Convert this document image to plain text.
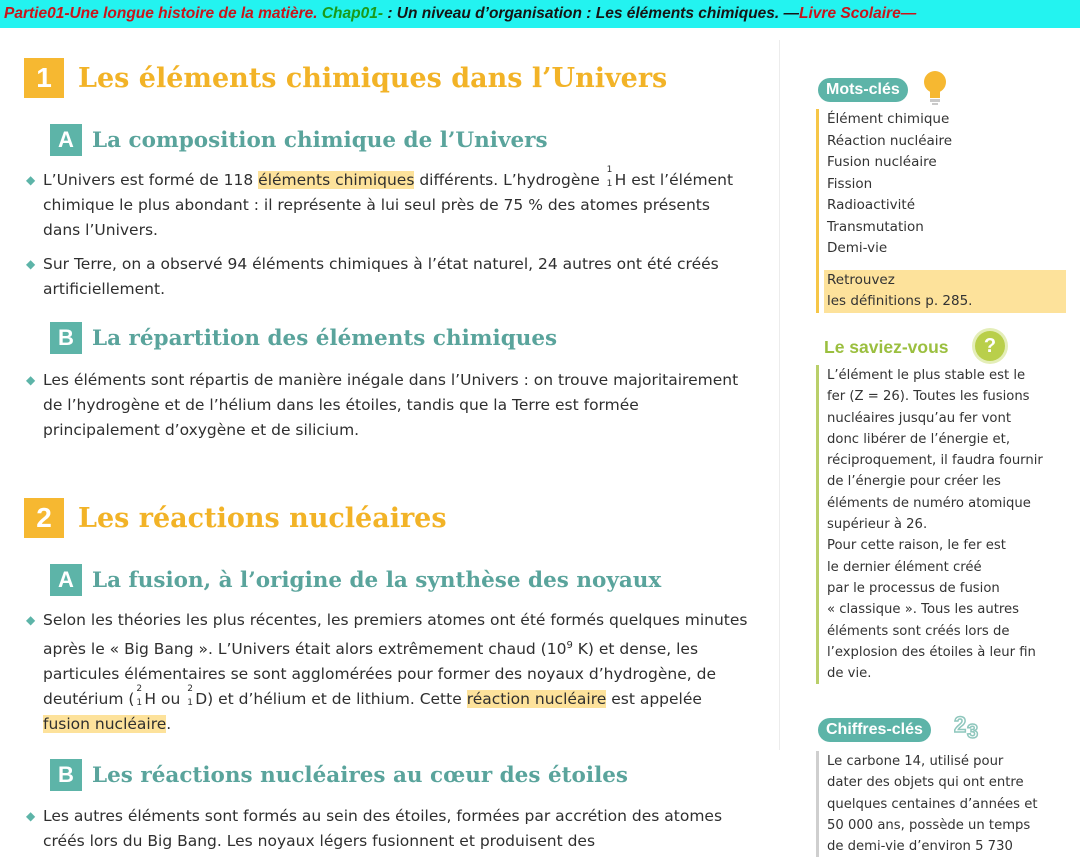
Partie01-Une longue histoire de la matière. Chap01- : Un niveau d’organisation : Les éléments chimiques. —Livre Scolaire—
1 Les éléments chimiques dans l’Univers
A La composition chimique de l’Univers
◆ L’Univers est formé de 118 éléments chimiques différents. L’hydrogène
1
1 H est l’élément chimique le plus abondant : il représente à lui seul près de 75 % des atomes présents dans l’Univers.
◆ Sur Terre, on a observé 94 éléments chimiques à l’état naturel, 24 autres ont été créés artificiellement.
B La répartition des éléments chimiques
◆ Les éléments sont répartis de manière inégale dans l’Univers : on trouve majoritairement de l’hydrogène et de l’hélium dans les étoiles, tandis que la Terre est formée principalement d’oxygène et de silicium.
2 Les réactions nucléaires
A La fusion, à l’origine de la synthèse des noyaux
◆ Selon les théories les plus récentes, les premiers atomes ont été formés quelques minutes après le « Big Bang ». L’Univers était alors extrêmement chaud ($10^9$ K) et dense, les particules élémentaires se sont agglomérées pour former des noyaux d’hydrogène, de deutérium (
2
1 H ou
2
1 D) et d’hélium et de lithium. Cette réaction nucléaire est appelée fusion nucléaire.
B Les réactions nucléaires au cœur des étoiles
◆ Les autres éléments sont formés au sein des étoiles, formées par accrétion des atomes créés lors du Big Bang. Les noyaux légers fusionnent et produisent des
Mots-clés
Élément chimique
Réaction nucléaire
Fusion nucléaire
Fission
Radioactivité
Transmutation
Demi-vie
Retrouvez
les définitions p. 285.
Le saviez-vous	?
L’élément le plus stable est le
fer (Z = 26). Toutes les fusions
nucléaires jusqu’au fer vont
donc libérer de l’énergie et,
réciproquement, il faudra fournir
de l’énergie pour créer les
éléments de numéro atomique
supérieur à 26.
Pour cette raison, le fer est
le dernier élément créé
par le processus de fusion
« classique ». Tous les autres
éléments sont créés lors de
l’explosion des étoiles à leur fin
de vie.
Chiffres-clés	2 3
Le carbone 14, utilisé pour
dater des objets qui ont entre
quelques centaines d’années et
50 000 ans, possède un temps
de demi-vie d’environ 5 730
